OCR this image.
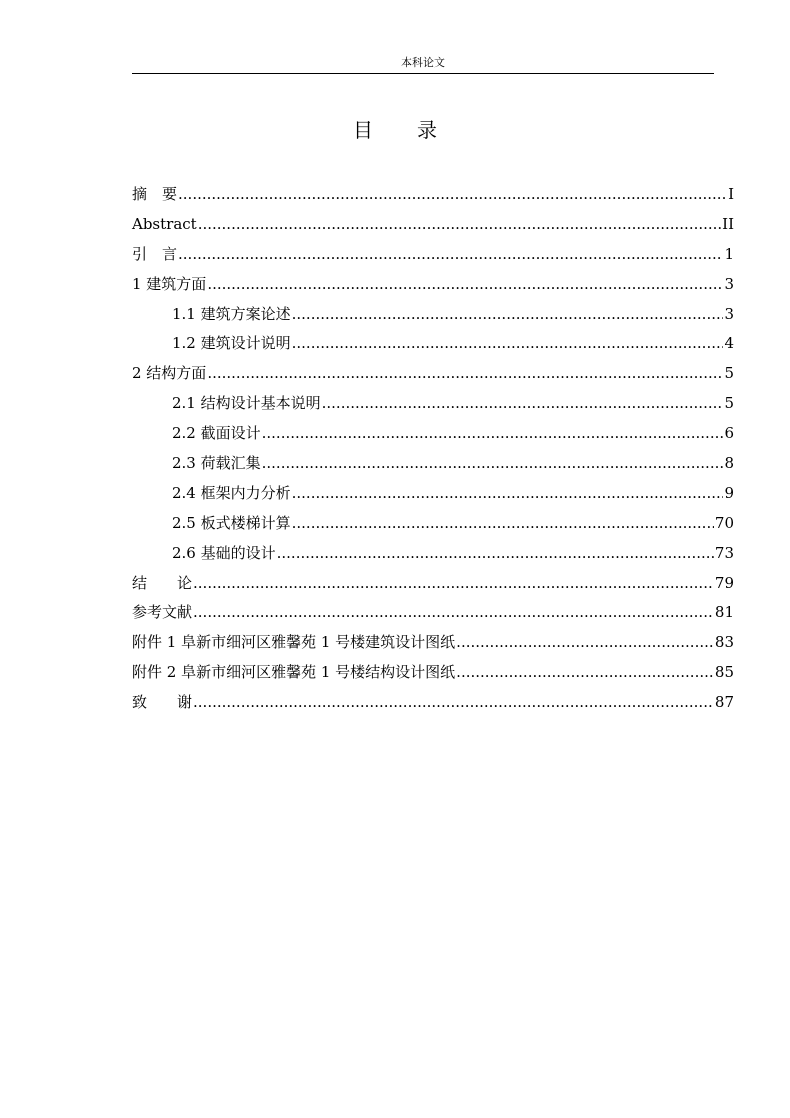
本科论文
目 录
摘　要 .....	I
Abstract .....	II
引　言 .....	1
1 建筑方面 .....	3
1.1 建筑方案论述 .....	3
1.2 建筑设计说明 .....	4
2 结构方面 .....	5
2.1 结构设计基本说明 .....	5
2.2 截面设计 .....	6
2.3 荷载汇集 .....	8
2.4 框架内力分析 .....	9
2.5 板式楼梯计算 .....	70
2.6 基础的设计 .....	73
结　　论 .....	79
参考文献 .....	81
附件 1 阜新市细河区雅馨苑 1 号楼建筑设计图纸 .....	83
附件 2 阜新市细河区雅馨苑 1 号楼结构设计图纸 .....	85
致　　谢 .....	87
